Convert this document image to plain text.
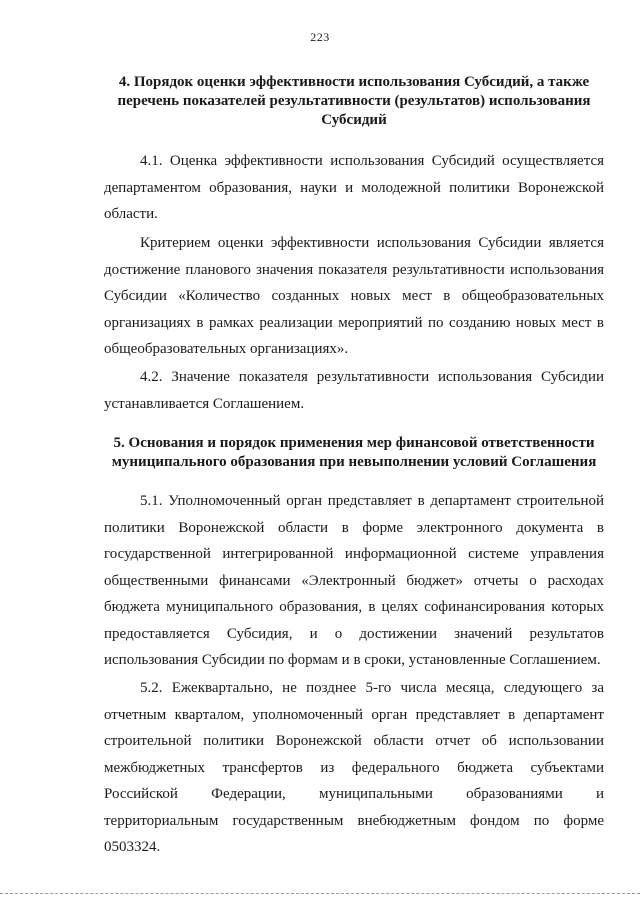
223
4. Порядок оценки эффективности использования Субсидий, а также перечень показателей результативности (результатов) использования Субсидий

4.1. Оценка эффективности использования Субсидий осуществляется департаментом образования, науки и молодежной политики Воронежской области.

Критерием оценки эффективности использования Субсидии является достижение планового значения показателя результативности использования Субсидии «Количество созданных новых мест в общеобразовательных организациях в рамках реализации мероприятий по созданию новых мест в общеобразовательных организациях».

4.2. Значение показателя результативности использования Субсидии устанавливается Соглашением.

5. Основания и порядок применения мер финансовой ответственности муниципального образования при невыполнении условий Соглашения

5.1. Уполномоченный орган представляет в департамент строительной политики Воронежской области в форме электронного документа в государственной интегрированной информационной системе управления общественными финансами «Электронный бюджет» отчеты о расходах бюджета муниципального образования, в целях софинансирования которых предоставляется Субсидия, и о достижении значений результатов использования Субсидии по формам и в сроки, установленные Соглашением.

5.2. Ежеквартально, не позднее 5-го числа месяца, следующего за отчетным кварталом, уполномоченный орган представляет в департамент строительной политики Воронежской области отчет об использовании межбюджетных трансфертов из федерального бюджета субъектами Российской Федерации, муниципальными образованиями и территориальным государственным внебюджетным фондом по форме 0503324.
